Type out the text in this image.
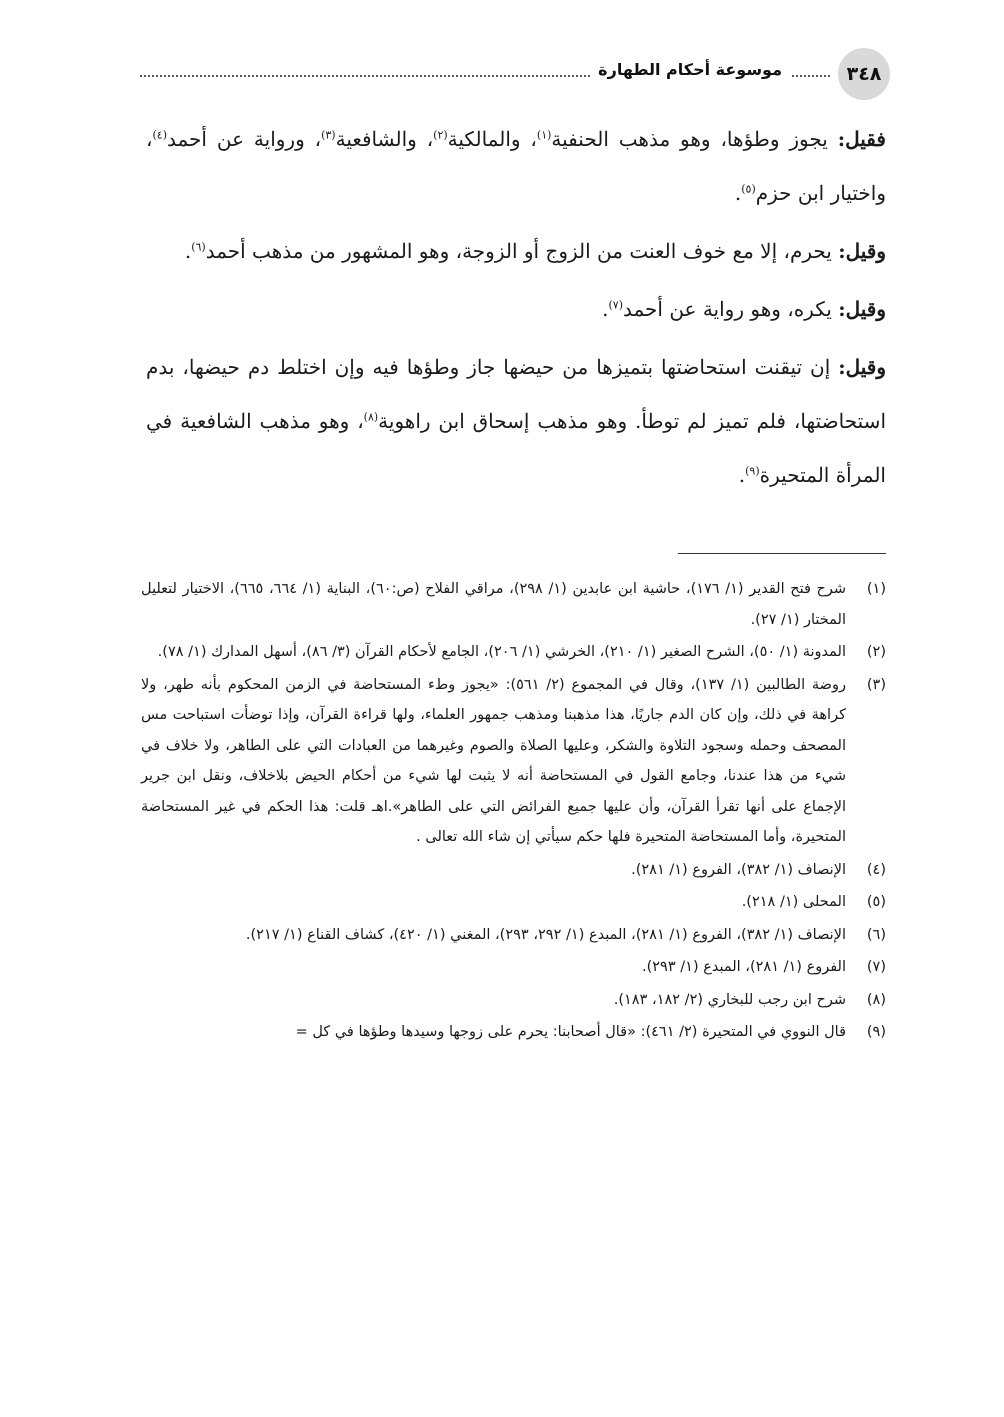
٣٤٨
موسوعة أحكام الطهارة

فقيل: يجوز وطؤها، وهو مذهب الحنفية$^{(١)}$، والمالكية$^{(٢)}$، والشافعية$^{(٣)}$، ورواية عن أحمد$^{(٤)}$، واختيار ابن حزم$^{(٥)}$.

وقيل: يحرم، إلا مع خوف العنت من الزوج أو الزوجة، وهو المشهور من مذهب أحمد$^{(٦)}$.

وقيل: يكره، وهو رواية عن أحمد$^{(٧)}$.

وقيل: إن تيقنت استحاضتها بتميزها من حيضها جاز وطؤها فيه وإن اختلط دم حيضها، بدم استحاضتها، فلم تميز لم توطأ. وهو مذهب إسحاق ابن راهوية$^{(٨)}$، وهو مذهب الشافعية في المرأة المتحيرة$^{(٩)}$.

(١)
شرح فتح القدير (١/ ١٧٦)، حاشية ابن عابدين (١/ ٢٩٨)، مراقي الفلاح (ص:٦٠)، البناية (١/ ٦٦٤، ٦٦٥)، الاختيار لتعليل المختار (١/ ٢٧).
(٢)
المدونة (١/ ٥٠)، الشرح الصغير (١/ ٢١٠)، الخرشي (١/ ٢٠٦)، الجامع لأحكام القرآن (٣/ ٨٦)، أسهل المدارك (١/ ٧٨).
(٣)
روضة الطالبين (١/ ١٣٧)، وقال في المجموع (٢/ ٥٦١): «يجوز وطء المستحاضة في الزمن المحكوم بأنه طهر، ولا كراهة في ذلك، وإن كان الدم جاريًا، هذا مذهبنا ومذهب جمهور العلماء، ولها قراءة القرآن، وإذا توضأت استباحت مس المصحف وحمله وسجود التلاوة والشكر، وعليها الصلاة والصوم وغيرهما من العبادات التي على الطاهر، ولا خلاف في شيء من هذا عندنا، وجامع القول في المستحاضة أنه لا يثبت لها شيء من أحكام الحيض بلاخلاف، ونقل ابن جرير الإجماع على أنها تقرأ القرآن، وأن عليها جميع الفرائض التي على الطاهر».اهـ قلت: هذا الحكم في غير المستحاضة المتحيرة، وأما المستحاضة المتحيرة فلها حكم سيأتي إن شاء الله تعالى .
(٤)
الإنصاف (١/ ٣٨٢)، الفروع (١/ ٢٨١).
(٥)
المحلى (١/ ٢١٨).
(٦)
الإنصاف (١/ ٣٨٢)، الفروع (١/ ٢٨١)، المبدع (١/ ٢٩٢، ٢٩٣)، المغني (١/ ٤٢٠)، كشاف القناع (١/ ٢١٧).
(٧)
الفروع (١/ ٢٨١)، المبدع (١/ ٢٩٣).
(٨)
شرح ابن رجب للبخاري (٢/ ١٨٢، ١٨٣).
(٩)
قال النووي في المتحيرة (٢/ ٤٦١): «قال أصحابنا: يحرم على زوجها وسيدها وطؤها في كل =
